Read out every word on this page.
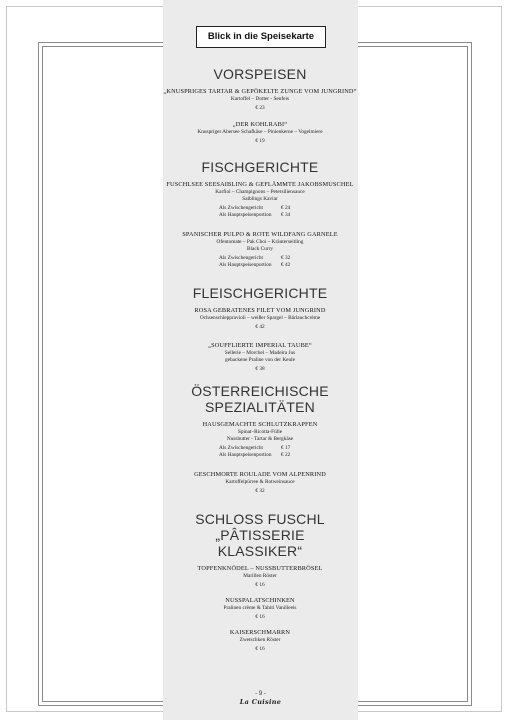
Blick in die Speisekarte
VORSPEISEN
„KNUSPRIGES TARTAR & GEPÖKELTE ZUNGE VOM JUNGRIND“
Kartoffel – Dotter - Senfeis
€ 23
„DER KOHLRABI“
Knuspriger Abersee Schafkäse – Pinienkerne – Vogelmiere
€ 19
FISCHGERICHTE
FUSCHLSEE SEESAIBLING & GEFLÄMMTE JAKOBSMUSCHEL
Karfiol – Champignons – Petersiliensauce
Saiblings Kaviar
Als Zwischengericht	€ 24
Als Hauptspeisenportion	€ 34
SPANISCHER PULPO & ROTE WILDFANG GARNELE
Ofentomate – Pak Choi – Kräuterseitling
Black Curry
Als Zwischengericht	€ 32
Als Hauptspeisenportion	€ 42
FLEISCHGERICHTE
ROSA GEBRATENES FILET VOM JUNGRIND
Ochsenschleppravioli – weißer Spargel – Bärlauchcrème
€ 42
„SOUFFLIERTE IMPERIAL TAUBE“
Sellerie – Morchel – Madeira Jus
gebackene Praline von der Keule
€ 38
ÖSTERREICHISCHE SPEZIALITÄTEN
HAUSGEMACHTE SCHLUTZKRAPFEN
Spinat–Ricotta-Fülle
Nussbutter - Tartar & Bergkäse
Als Zwischengericht	€ 17
Als Hauptspeisenportion	€ 22
GESCHMORTE ROULADE VOM ALPENRIND
Kartoffelpürree & Rotweinsauce
€ 32
SCHLOSS FUSCHL „PÂTISSERIE KLASSIKER“
TOPFENKNÖDEL – NUSSBUTTERBRÖSEL
Marillen Röster
€ 16
NUSSPALATSCHINKEN
Pralinen crème & Tahiti Vanilleeis
€ 16
KAISERSCHMARRN
Zwetschken Röster
€ 16
- 9 -
La Cuisine
